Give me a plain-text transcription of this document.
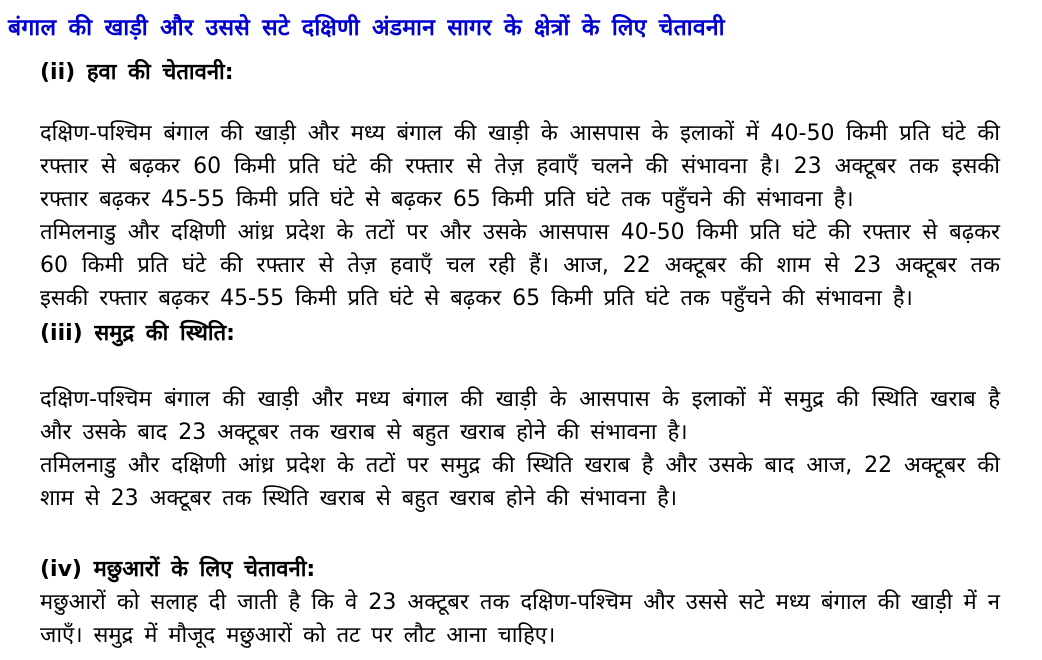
बंगाल की खाड़ी और उससे सटे दक्षिणी अंडमान सागर के क्षेत्रों के लिए चेतावनी
(ii) हवा की चेतावनी:

दक्षिण-पश्चिम बंगाल की खाड़ी और मध्य बंगाल की खाड़ी के आसपास के इलाकों में 40-50 किमी प्रति घंटे की रफ्तार से बढ़कर 60 किमी प्रति घंटे की रफ्तार से तेज़ हवाएँ चलने की संभावना है। 23 अक्टूबर तक इसकी रफ्तार बढ़कर 45-55 किमी प्रति घंटे से बढ़कर 65 किमी प्रति घंटे तक पहुँचने की संभावना है।

तमिलनाडु और दक्षिणी आंध्र प्रदेश के तटों पर और उसके आसपास 40-50 किमी प्रति घंटे की रफ्तार से बढ़कर 60 किमी प्रति घंटे की रफ्तार से तेज़ हवाएँ चल रही हैं। आज, 22 अक्टूबर की शाम से 23 अक्टूबर तक इसकी रफ्तार बढ़कर 45-55 किमी प्रति घंटे से बढ़कर 65 किमी प्रति घंटे तक पहुँचने की संभावना है।

(iii) समुद्र की स्थिति:

दक्षिण-पश्चिम बंगाल की खाड़ी और मध्य बंगाल की खाड़ी के आसपास के इलाकों में समुद्र की स्थिति खराब है और उसके बाद 23 अक्टूबर तक खराब से बहुत खराब होने की संभावना है।

तमिलनाडु और दक्षिणी आंध्र प्रदेश के तटों पर समुद्र की स्थिति खराब है और उसके बाद आज, 22 अक्टूबर की शाम से 23 अक्टूबर तक स्थिति खराब से बहुत खराब होने की संभावना है।

(iv) मछुआरों के लिए चेतावनी:

मछुआरों को सलाह दी जाती है कि वे 23 अक्टूबर तक दक्षिण-पश्चिम और उससे सटे मध्य बंगाल की खाड़ी में न जाएँ। समुद्र में मौजूद मछुआरों को तट पर लौट आना चाहिए।
